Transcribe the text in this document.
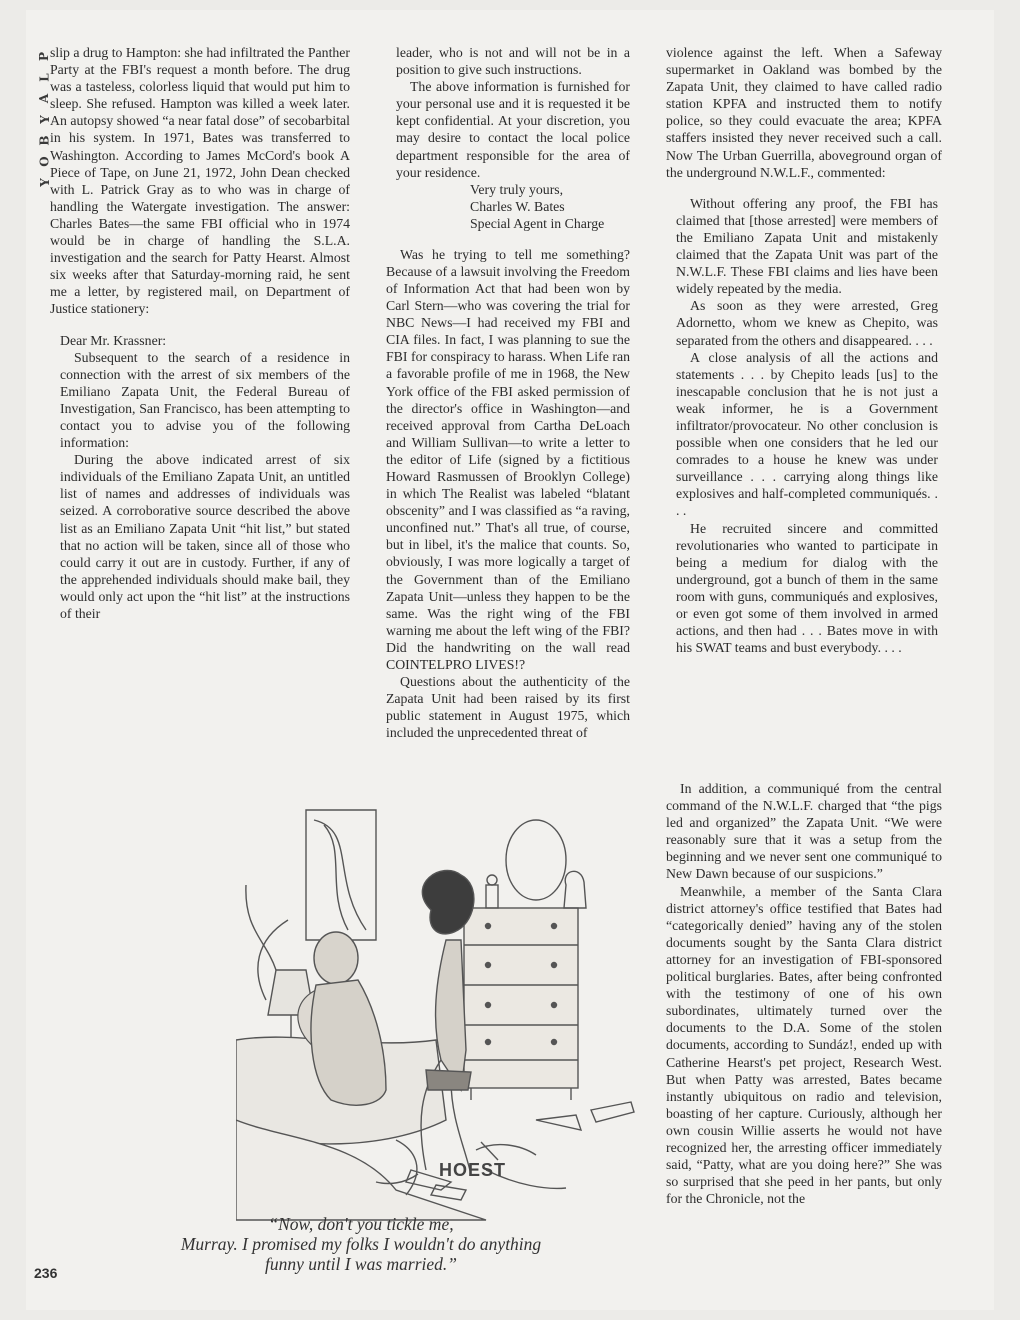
P
L
A
Y
B
O
Y

slip a drug to Hampton: she had infiltrated the Panther Party at the FBI's request a month before. The drug was a tasteless, colorless liquid that would put him to sleep. She refused. Hampton was killed a week later. An autopsy showed “a near fatal dose” of secobarbital in his system. In 1971, Bates was transferred to Washington. According to James McCord's book A Piece of Tape, on June 21, 1972, John Dean checked with L. Patrick Gray as to who was in charge of handling the Watergate investigation. The answer: Charles Bates—the same FBI official who in 1974 would be in charge of handling the S.L.A. investigation and the search for Patty Hearst. Almost six weeks after that Saturday-morning raid, he sent me a letter, by registered mail, on Department of Justice stationery:

Dear Mr. Krassner:

Subsequent to the search of a residence in connection with the arrest of six members of the Emiliano Zapata Unit, the Federal Bureau of Investigation, San Francisco, has been attempting to contact you to advise you of the following information:

During the above indicated arrest of six individuals of the Emiliano Zapata Unit, an untitled list of names and addresses of individuals was seized. A corroborative source described the above list as an Emiliano Zapata Unit “hit list,” but stated that no action will be taken, since all of those who could carry it out are in custody. Further, if any of the apprehended individuals should make bail, they would only act upon the “hit list” at the instructions of their

leader, who is not and will not be in a position to give such instructions.

The above information is furnished for your personal use and it is requested it be kept confidential. At your discretion, you may desire to contact the local police department responsible for the area of your residence.

Very truly yours,
Charles W. Bates
Special Agent in Charge

Was he trying to tell me something? Because of a lawsuit involving the Freedom of Information Act that had been won by Carl Stern—who was covering the trial for NBC News—I had received my FBI and CIA files. In fact, I was planning to sue the FBI for conspiracy to harass. When Life ran a favorable profile of me in 1968, the New York office of the FBI asked permission of the director's office in Washington—and received approval from Cartha DeLoach and William Sullivan—to write a letter to the editor of Life (signed by a fictitious Howard Rasmussen of Brooklyn College) in which The Realist was labeled “blatant obscenity” and I was classified as “a raving, unconfined nut.” That's all true, of course, but in libel, it's the malice that counts. So, obviously, I was more logically a target of the Government than of the Emiliano Zapata Unit—unless they happen to be the same. Was the right wing of the FBI warning me about the left wing of the FBI? Did the handwriting on the wall read COINTELPRO LIVES!?

Questions about the authenticity of the Zapata Unit had been raised by its first public statement in August 1975, which included the unprecedented threat of

violence against the left. When a Safeway supermarket in Oakland was bombed by the Zapata Unit, they claimed to have called radio station KPFA and instructed them to notify police, so they could evacuate the area; KPFA staffers insisted they never received such a call. Now The Urban Guerrilla, aboveground organ of the underground N.W.L.F., commented:

Without offering any proof, the FBI has claimed that [those arrested] were members of the Emiliano Zapata Unit and mistakenly claimed that the Zapata Unit was part of the N.W.L.F. These FBI claims and lies have been widely repeated by the media.

As soon as they were arrested, Greg Adornetto, whom we knew as Chepito, was separated from the others and disappeared. . . .

A close analysis of all the actions and statements . . . by Chepito leads [us] to the inescapable conclusion that he is not just a weak informer, he is a Government infiltrator/provocateur. No other conclusion is possible when one considers that he led our comrades to a house he knew was under surveillance . . . carrying along things like explosives and half-completed communiqués. . . .

He recruited sincere and committed revolutionaries who wanted to participate in being a medium for dialog with the underground, got a bunch of them in the same room with guns, communiqués and explosives, or even got some of them involved in armed actions, and then had . . . Bates move in with his SWAT teams and bust everybody. . . .

In addition, a communiqué from the central command of the N.W.L.F. charged that “the pigs led and organized” the Zapata Unit. “We were reasonably sure that it was a setup from the beginning and we never sent one communiqué to New Dawn because of our suspicions.”

Meanwhile, a member of the Santa Clara district attorney's office testified that Bates had “categorically denied” having any of the stolen documents sought by the Santa Clara district attorney for an investigation of FBI-sponsored political burglaries. Bates, after being confronted with the testimony of one of his own subordinates, ultimately turned over the documents to the D.A. Some of the stolen documents, according to Sundáz!, ended up with Catherine Hearst's pet project, Research West. But when Patty was arrested, Bates became instantly ubiquitous on radio and television, boasting of her capture. Curiously, although her own cousin Willie asserts he would not have recognized her, the arresting officer immediately said, “Patty, what are you doing here?” She was so surprised that she peed in her pants, but only for the Chronicle, not the

HOEST
“Now, don't you tickle me,
Murray. I promised my folks I wouldn't do anything
funny until I was married.”
236
